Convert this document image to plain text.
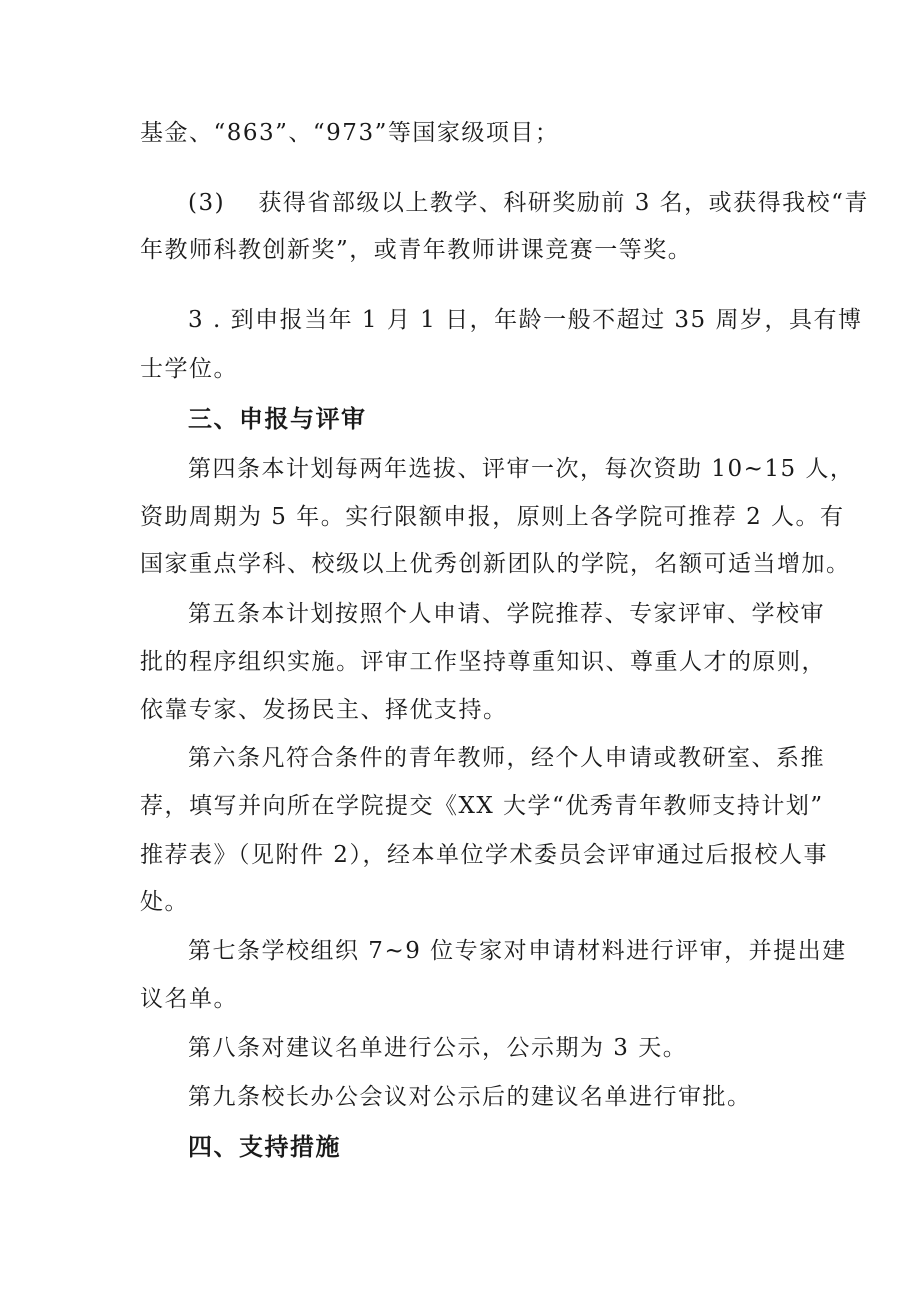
基金、“863”、“973”等国家级项目；
(3)　 获得省部级以上教学、科研奖励前 3 名，或获得我校“青
年教师科教创新奖”，或青年教师讲课竞赛一等奖。
3 . 到申报当年 1 月 1 日，年龄一般不超过 35 周岁，具有博
士学位。
三、申报与评审
第四条本计划每两年选拔、评审一次，每次资助 10~15 人，
资助周期为 5 年。实行限额申报，原则上各学院可推荐 2 人。有
国家重点学科、校级以上优秀创新团队的学院，名额可适当增加。
第五条本计划按照个人申请、学院推荐、专家评审、学校审
批的程序组织实施。评审工作坚持尊重知识、尊重人才的原则，
依靠专家、发扬民主、择优支持。
第六条凡符合条件的青年教师，经个人申请或教研室、系推
荐，填写并向所在学院提交《XX 大学“优秀青年教师支持计划”
推荐表》（见附件 2），经本单位学术委员会评审通过后报校人事
处。
第七条学校组织 7~9 位专家对申请材料进行评审，并提出建
议名单。
第八条对建议名单进行公示，公示期为 3 天。
第九条校长办公会议对公示后的建议名单进行审批。
四、支持措施
